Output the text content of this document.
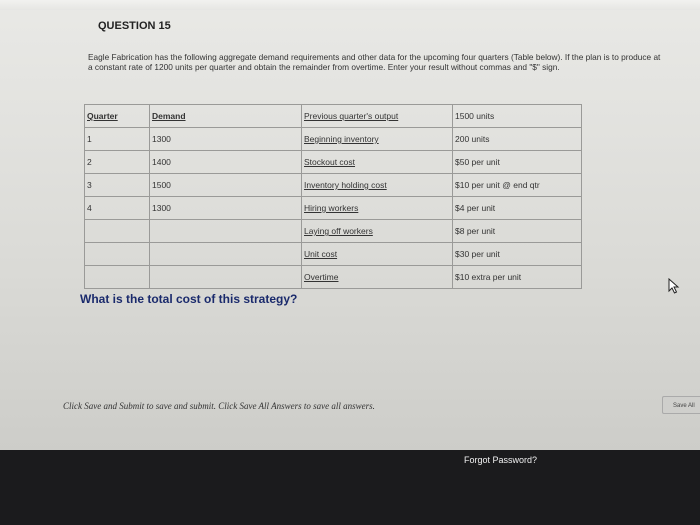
QUESTION 15
Eagle Fabrication has the following aggregate demand requirements and other data for the upcoming four quarters (Table below). If the plan is to produce at a constant rate of 1200 units per quarter and obtain the remainder from overtime. Enter your result without commas and "$" sign.
Quarter	Demand	Previous quarter's output	1500 units
1	1300	Beginning inventory	200 units
2	1400	Stockout cost	$50 per unit
3	1500	Inventory holding cost	$10 per unit @ end qtr
4	1300	Hiring workers	$4 per unit
		Laying off workers	$8 per unit
		Unit cost	$30 per unit
		Overtime	$10 extra per unit
What is the total cost of this strategy?
Click Save and Submit to save and submit. Click Save All Answers to save all answers.	Save All
Forgot Password?
